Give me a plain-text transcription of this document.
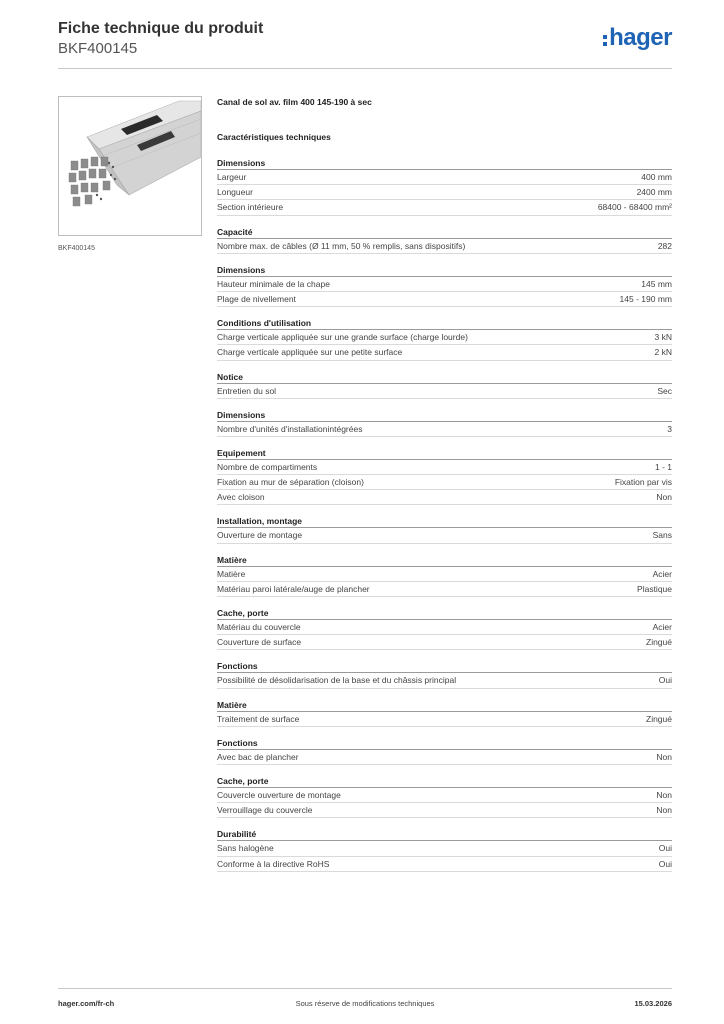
Fiche technique du produit
BKF400145	hager
BKF400145
Canal de sol av. film 400 145-190 à sec
Caractéristiques techniques
Dimensions
Largeur	400 mm
Longueur	2400 mm
Section intérieure	68400 - 68400 mm²
Capacité
Nombre max. de câbles (Ø 11 mm, 50 % remplis, sans dispositifs)	282
Dimensions
Hauteur minimale de la chape	145 mm
Plage de nivellement	145 - 190 mm
Conditions d'utilisation
Charge verticale appliquée sur une grande surface (charge lourde)	3 kN
Charge verticale appliquée sur une petite surface	2 kN
Notice
Entretien du sol	Sec
Dimensions
Nombre d'unités d'installationintégrées	3
Equipement
Nombre de compartiments	1 - 1
Fixation au mur de séparation (cloison)	Fixation par vis
Avec cloison	Non
Installation, montage
Ouverture de montage	Sans
Matière
Matière	Acier
Matériau paroi latérale/auge de plancher	Plastique
Cache, porte
Matériau du couvercle	Acier
Couverture de surface	Zingué
Fonctions
Possibilité de désolidarisation de la base et du châssis principal	Oui
Matière
Traitement de surface	Zingué
Fonctions
Avec bac de plancher	Non
Cache, porte
Couvercle ouverture de montage	Non
Verrouillage du couvercle	Non
Durabilité
Sans halogène	Oui
Conforme à la directive RoHS	Oui
hager.com/fr-ch	Sous réserve de modifications techniques	15.03.2026
